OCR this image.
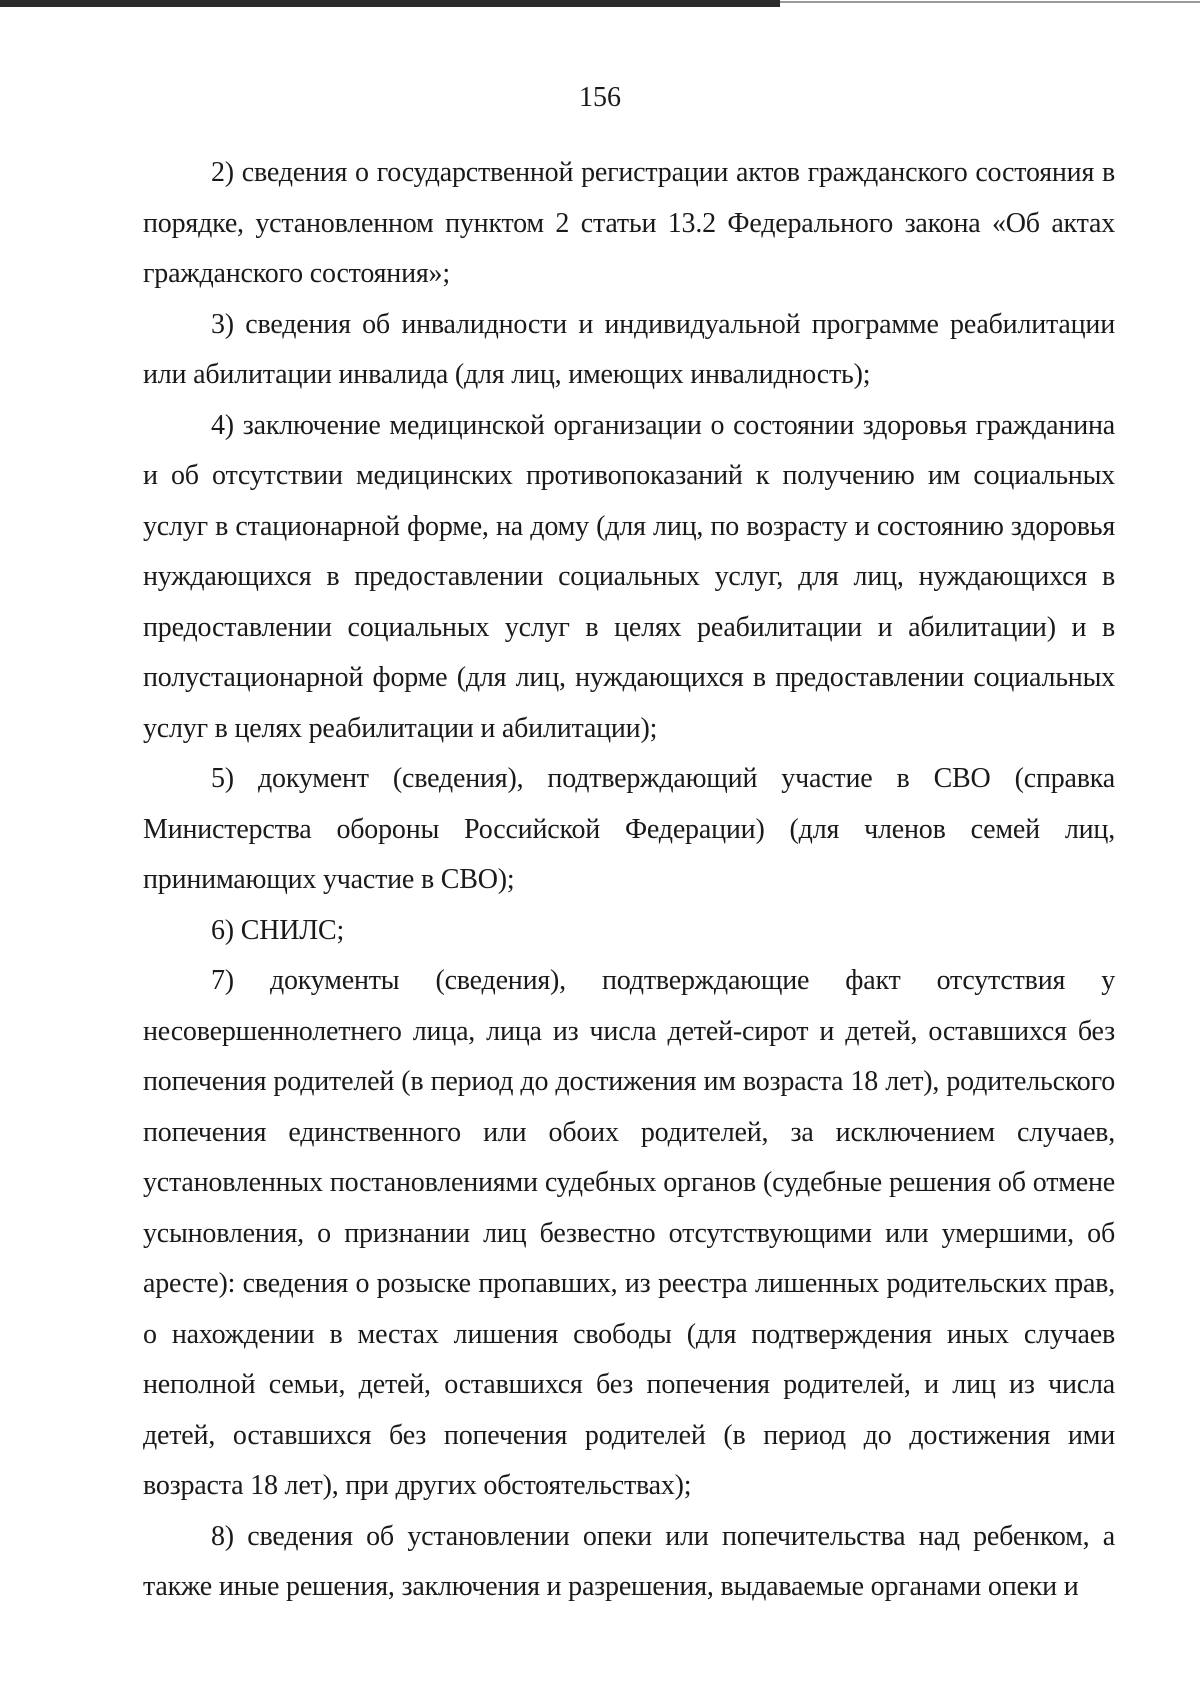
156

2) сведения о государственной регистрации актов гражданского состояния в порядке, установленном пунктом 2 статьи 13.2 Федерального закона «Об актах гражданского состояния»;

3) сведения об инвалидности и индивидуальной программе реабилитации или абилитации инвалида (для лиц, имеющих инвалидность);

4) заключение медицинской организации о состоянии здоровья гражданина и об отсутствии медицинских противопоказаний к получению им социальных услуг в стационарной форме, на дому (для лиц, по возрасту и состоянию здоровья нуждающихся в предоставлении социальных услуг, для лиц, нуждающихся в предоставлении социальных услуг в целях реабилитации и абилитации) и в полустационарной форме (для лиц, нуждающихся в предоставлении социальных услуг в целях реабилитации и абилитации);

5) документ (сведения), подтверждающий участие в СВО (справка Министерства обороны Российской Федерации) (для членов семей лиц, принимающих участие в СВО);

6) СНИЛС;

7) документы (сведения), подтверждающие факт отсутствия у несовершеннолетнего лица, лица из числа детей-сирот и детей, оставшихся без попечения родителей (в период до достижения им возраста 18 лет), родительского попечения единственного или обоих родителей, за исключением случаев, установленных постановлениями судебных органов (судебные решения об отмене усыновления, о признании лиц безвестно отсутствующими или умершими, об аресте): сведения о розыске пропавших, из реестра лишенных родительских прав, о нахождении в местах лишения свободы (для подтверждения иных случаев неполной семьи, детей, оставшихся без попечения родителей, и лиц из числа детей, оставшихся без попечения родителей (в период до достижения ими возраста 18 лет), при других обстоятельствах);

8) сведения об установлении опеки или попечительства над ребенком, а также иные решения, заключения и разрешения, выдаваемые органами опеки и
